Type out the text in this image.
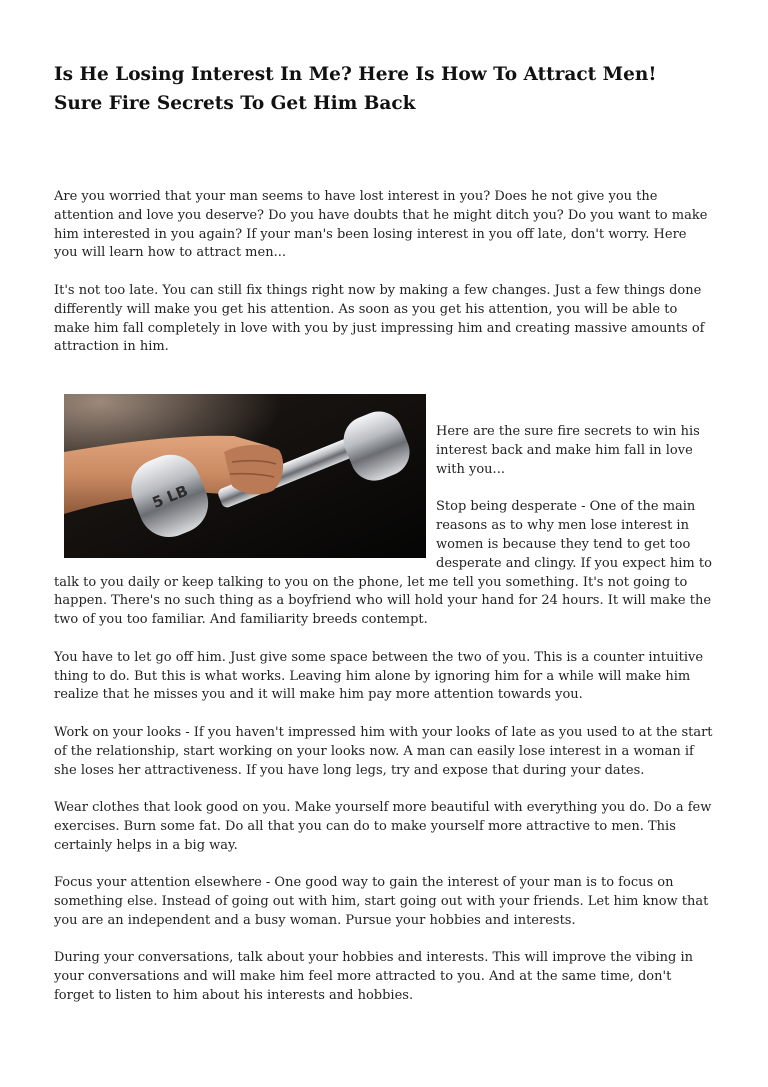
Is He Losing Interest In Me? Here Is How To Attract Men!
Sure Fire Secrets To Get Him Back

Are you worried that your man seems to have lost interest in you? Does he not give you the attention and love you deserve? Do you have doubts that he might ditch you? Do you want to make him interested in you again? If your man's been losing interest in you off late, don't worry. Here you will learn how to attract men...

It's not too late. You can still fix things right now by making a few changes. Just a few things done differently will make you get his attention. As soon as you get his attention, you will be able to make him fall completely in love with you by just impressing him and creating massive amounts of attraction in him.

5 LB

Here are the sure fire secrets to win his interest back and make him fall in love with you...

Stop being desperate - One of the main reasons as to why men lose interest in women is because they tend to get too desperate and clingy. If you expect him to talk to you daily or keep talking to you on the phone, let me tell you something. It's not going to happen. There's no such thing as a boyfriend who will hold your hand for 24 hours. It will make the two of you too familiar. And familiarity breeds contempt.

You have to let go off him. Just give some space between the two of you. This is a counter intuitive thing to do. But this is what works. Leaving him alone by ignoring him for a while will make him realize that he misses you and it will make him pay more attention towards you.

Work on your looks - If you haven't impressed him with your looks of late as you used to at the start of the relationship, start working on your looks now. A man can easily lose interest in a woman if she loses her attractiveness. If you have long legs, try and expose that during your dates.

Wear clothes that look good on you. Make yourself more beautiful with everything you do. Do a few exercises. Burn some fat. Do all that you can do to make yourself more attractive to men. This certainly helps in a big way.

Focus your attention elsewhere - One good way to gain the interest of your man is to focus on something else. Instead of going out with him, start going out with your friends. Let him know that you are an independent and a busy woman. Pursue your hobbies and interests.

During your conversations, talk about your hobbies and interests. This will improve the vibing in your conversations and will make him feel more attracted to you. And at the same time, don't forget to listen to him about his interests and hobbies.
